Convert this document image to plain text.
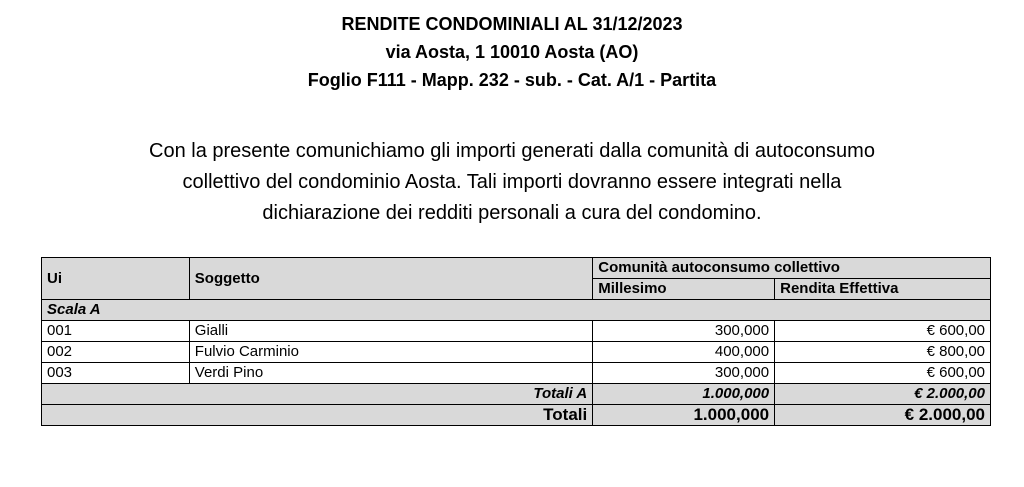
RENDITE CONDOMINIALI AL 31/12/2023
via Aosta, 1 10010 Aosta (AO)
Foglio F111 - Mapp. 232 - sub. - Cat. A/1 - Partita
Con la presente comunichiamo gli importi generati dalla comunità di autoconsumo
collettivo del condominio Aosta. Tali importi dovranno essere integrati nella
dichiarazione dei redditi personali a cura del condomino.
Ui	Soggetto	Comunità autoconsumo collettivo	
		Millesimo	Rendita Effettiva
Scala A			
001	Gialli	300,000	€ 600,00
002	Fulvio Carminio	400,000	€ 800,00
003	Verdi Pino	300,000	€ 600,00
Totali A		1.000,000	€ 2.000,00
Totali		1.000,000	€ 2.000,00
